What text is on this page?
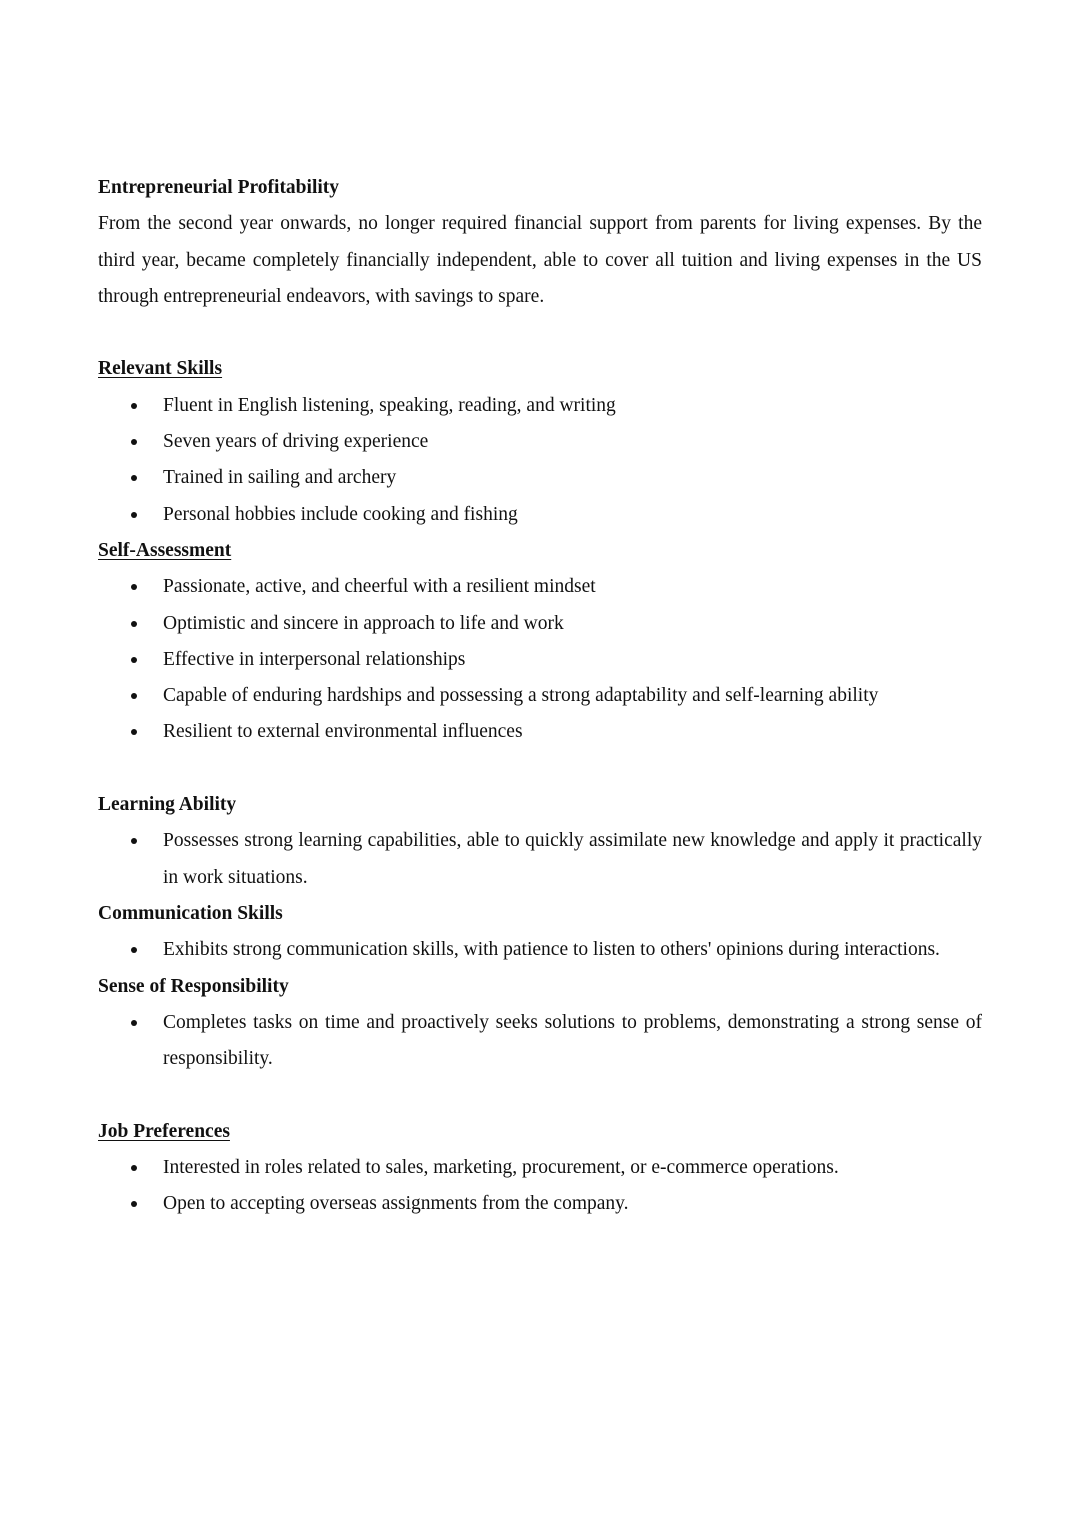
Entrepreneurial Profitability

From the second year onwards, no longer required financial support from parents for living expenses. By the third year, became completely financially independent, able to cover all tuition and living expenses in the US through entrepreneurial endeavors, with savings to spare.

Relevant Skills

Fluent in English listening, speaking, reading, and writing
Seven years of driving experience
Trained in sailing and archery
Personal hobbies include cooking and fishing

Self-Assessment

Passionate, active, and cheerful with a resilient mindset
Optimistic and sincere in approach to life and work
Effective in interpersonal relationships
Capable of enduring hardships and possessing a strong adaptability and self-learning ability
Resilient to external environmental influences

Learning Ability

Possesses strong learning capabilities, able to quickly assimilate new knowledge and apply it practically in work situations.

Communication Skills

Exhibits strong communication skills, with patience to listen to others' opinions during interactions.

Sense of Responsibility

Completes tasks on time and proactively seeks solutions to problems, demonstrating a strong sense of responsibility.

Job Preferences

Interested in roles related to sales, marketing, procurement, or e-commerce operations.
Open to accepting overseas assignments from the company.
